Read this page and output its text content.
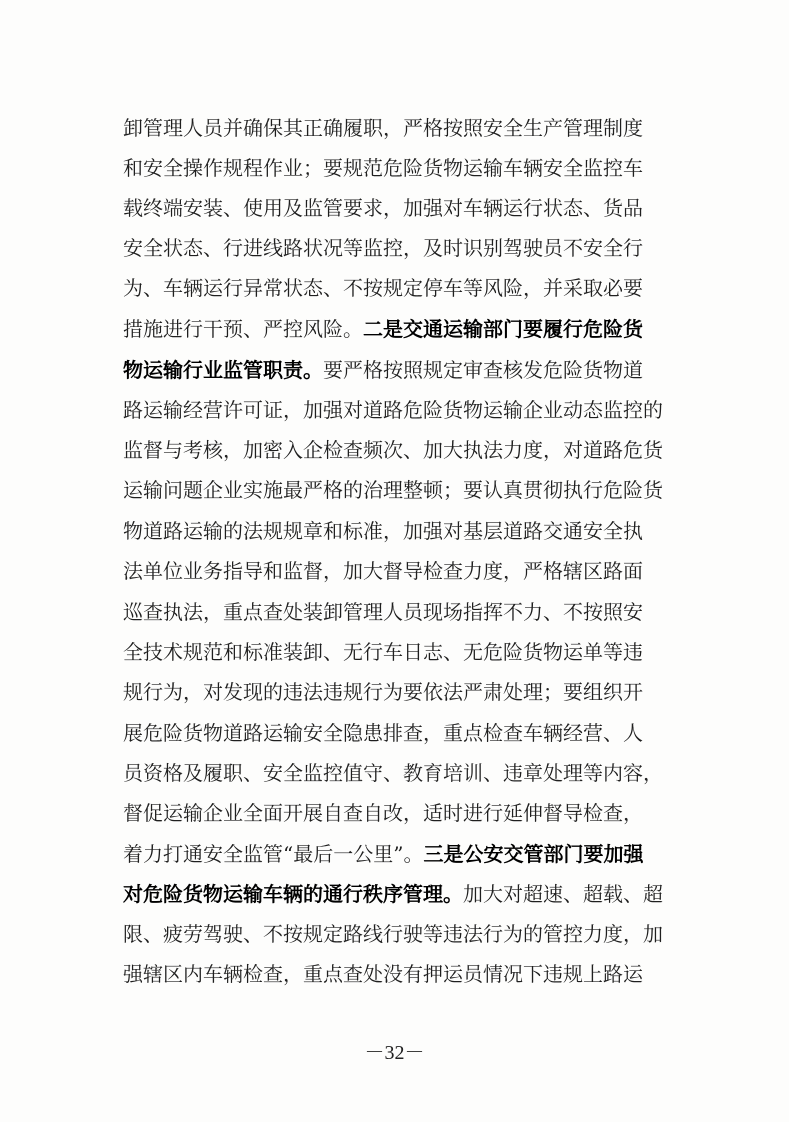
卸管理人员并确保其正确履职，严格按照安全生产管理制度
和安全操作规程作业；要规范危险货物运输车辆安全监控车
载终端安装、使用及监管要求，加强对车辆运行状态、货品
安全状态、行进线路状况等监控，及时识别驾驶员不安全行
为、车辆运行异常状态、不按规定停车等风险，并采取必要
措施进行干预、严控风险。二是交通运输部门要履行危险货
物运输行业监管职责。要严格按照规定审查核发危险货物道
路运输经营许可证，加强对道路危险货物运输企业动态监控的
监督与考核，加密入企检查频次、加大执法力度，对道路危货
运输问题企业实施最严格的治理整顿；要认真贯彻执行危险货
物道路运输的法规规章和标准，加强对基层道路交通安全执
法单位业务指导和监督，加大督导检查力度，严格辖区路面
巡查执法，重点查处装卸管理人员现场指挥不力、不按照安
全技术规范和标准装卸、无行车日志、无危险货物运单等违
规行为，对发现的违法违规行为要依法严肃处理；要组织开
展危险货物道路运输安全隐患排查，重点检查车辆经营、人
员资格及履职、安全监控值守、教育培训、违章处理等内容，
督促运输企业全面开展自查自改，适时进行延伸督导检查，
着力打通安全监管“最后一公里”。三是公安交管部门要加强
对危险货物运输车辆的通行秩序管理。加大对超速、超载、超
限、疲劳驾驶、不按规定路线行驶等违法行为的管控力度，加
强辖区内车辆检查，重点查处没有押运员情况下违规上路运
－32－
